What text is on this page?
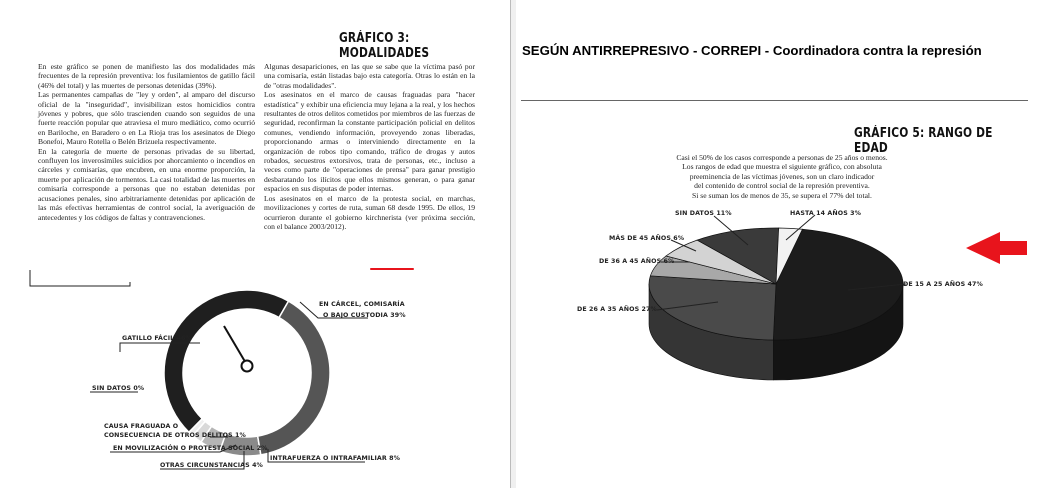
GRÁFICO 3: MODALIDADES

En este gráfico se ponen de manifiesto las dos modalidades más frecuentes de la represión preventiva: los fusilamientos de gatillo fácil (46% del total) y las muertes de personas detenidas (39%).

Las permanentes campañas de "ley y orden", al amparo del discurso oficial de la "inseguridad", invisibilizan estos homicidios contra jóvenes y pobres, que sólo trascienden cuando son seguidos de una fuerte reacción popular que atraviesa el muro mediático, como ocurrió en Bariloche, en Baradero o en La Rioja tras los asesinatos de Diego Bonefoi, Mauro Rotella o Belén Brizuela respectivamente.

En la categoría de muerte de personas privadas de su libertad, confluyen los inverosímiles suicidios por ahorcamiento o incendios en cárceles y comisarías, que encubren, en una enorme proporción, la muerte por aplicación de tormentos. La casi totalidad de las muertes en comisaría corresponde a personas que no estaban detenidas por acusaciones penales, sino arbitrariamente detenidas por aplicación de las más efectivas herramientas de control social, la averiguación de antecedentes y los códigos de faltas y contravenciones.

Algunas desapariciones, en las que se sabe que la víctima pasó por una comisaría, están listadas bajo esta categoría. Otras lo están en la de "otras modalidades".

Los asesinatos en el marco de causas fraguadas para "hacer estadística" y exhibir una eficiencia muy lejana a la real, y los hechos resultantes de otros delitos cometidos por miembros de las fuerzas de seguridad, reconfirman la constante participación policial en delitos comunes, vendiendo información, proveyendo zonas liberadas, proporcionando armas o interviniendo directamente en la organización de robos tipo comando, tráfico de drogas y autos robados, secuestros extorsivos, trata de personas, etc., incluso a veces como parte de "operaciones de prensa" para ganar prestigio desbaratando los ilícitos que ellos mismos generan, o para ganar espacios en sus disputas de poder internas.

Los asesinatos en el marco de la protesta social, en marchas, movilizaciones y cortes de ruta, suman 68 desde 1995. De ellos, 19 ocurrieron durante el gobierno kirchnerista (ver próxima sección, con el balance 2003/2012).

SEGÚN ANTIRREPRESIVO - CORREPI - Coordinadora contra la represión
GRÁFICO 5: RANGO DE EDAD

Casi el 50% de los casos corresponde a personas de 25 años o menos.

Los rangos de edad que muestra el siguiente gráfico, con absoluta

preeminencia de las víctimas jóvenes, son un claro indicador

del contenido de control social de la represión preventiva.

Si se suman los de menos de 35, se supera el 77% del total.

GATILLO FÁCIL 46%
EN CÁRCEL, COMISARÍA
O BAJO CUSTODIA 39%
INTRAFUERZA O INTRAFAMILIAR 8%
OTRAS CIRCUNSTANCIAS 4%
EN MOVILIZACIÓN O PROTESTA SOCIAL 2%
CAUSA FRAGUADA O
CONSECUENCIA DE OTROS DELITOS 1%
SIN DATOS 0%
DE 15 A 25 AÑOS 47%
DE 26 A 35 AÑOS 27%
DE 36 A 45 AÑOS 6%
MÁS DE 45 AÑOS 6%
SIN DATOS 11%	HASTA 14 AÑOS 3%
